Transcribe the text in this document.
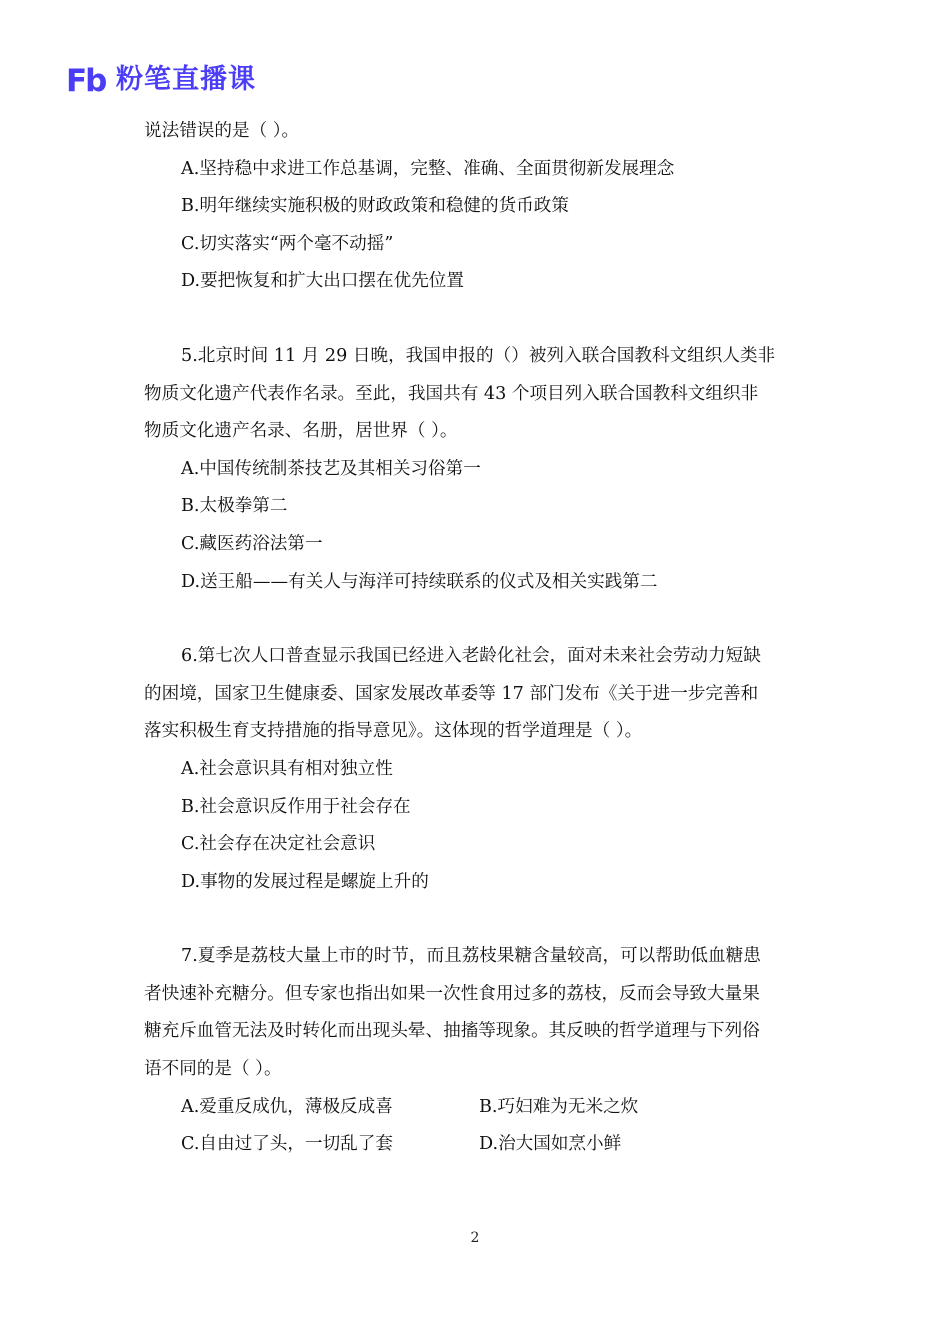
Fb 粉笔直播课
说法错误的是（ ）。
A.坚持稳中求进工作总基调，完整、准确、全面贯彻新发展理念
B.明年继续实施积极的财政政策和稳健的货币政策
C.切实落实“两个毫不动摇”
D.要把恢复和扩大出口摆在优先位置
5.北京时间 11 月 29 日晚，我国申报的（）被列入联合国教科文组织人类非
物质文化遗产代表作名录。至此，我国共有 43 个项目列入联合国教科文组织非
物质文化遗产名录、名册，居世界（ ）。
A.中国传统制茶技艺及其相关习俗第一
B.太极拳第二
C.藏医药浴法第一
D.送王船——有关人与海洋可持续联系的仪式及相关实践第二
6.第七次人口普查显示我国已经进入老龄化社会，面对未来社会劳动力短缺
的困境，国家卫生健康委、国家发展改革委等 17 部门发布《关于进一步完善和
落实积极生育支持措施的指导意见》。这体现的哲学道理是（ ）。
A.社会意识具有相对独立性
B.社会意识反作用于社会存在
C.社会存在决定社会意识
D.事物的发展过程是螺旋上升的
7.夏季是荔枝大量上市的时节，而且荔枝果糖含量较高，可以帮助低血糖患
者快速补充糖分。但专家也指出如果一次性食用过多的荔枝，反而会导致大量果
糖充斥血管无法及时转化而出现头晕、抽搐等现象。其反映的哲学道理与下列俗
语不同的是（ ）。
A.爱重反成仇，薄极反成喜	B.巧妇难为无米之炊
C.自由过了头，一切乱了套	D.治大国如烹小鲜
2
